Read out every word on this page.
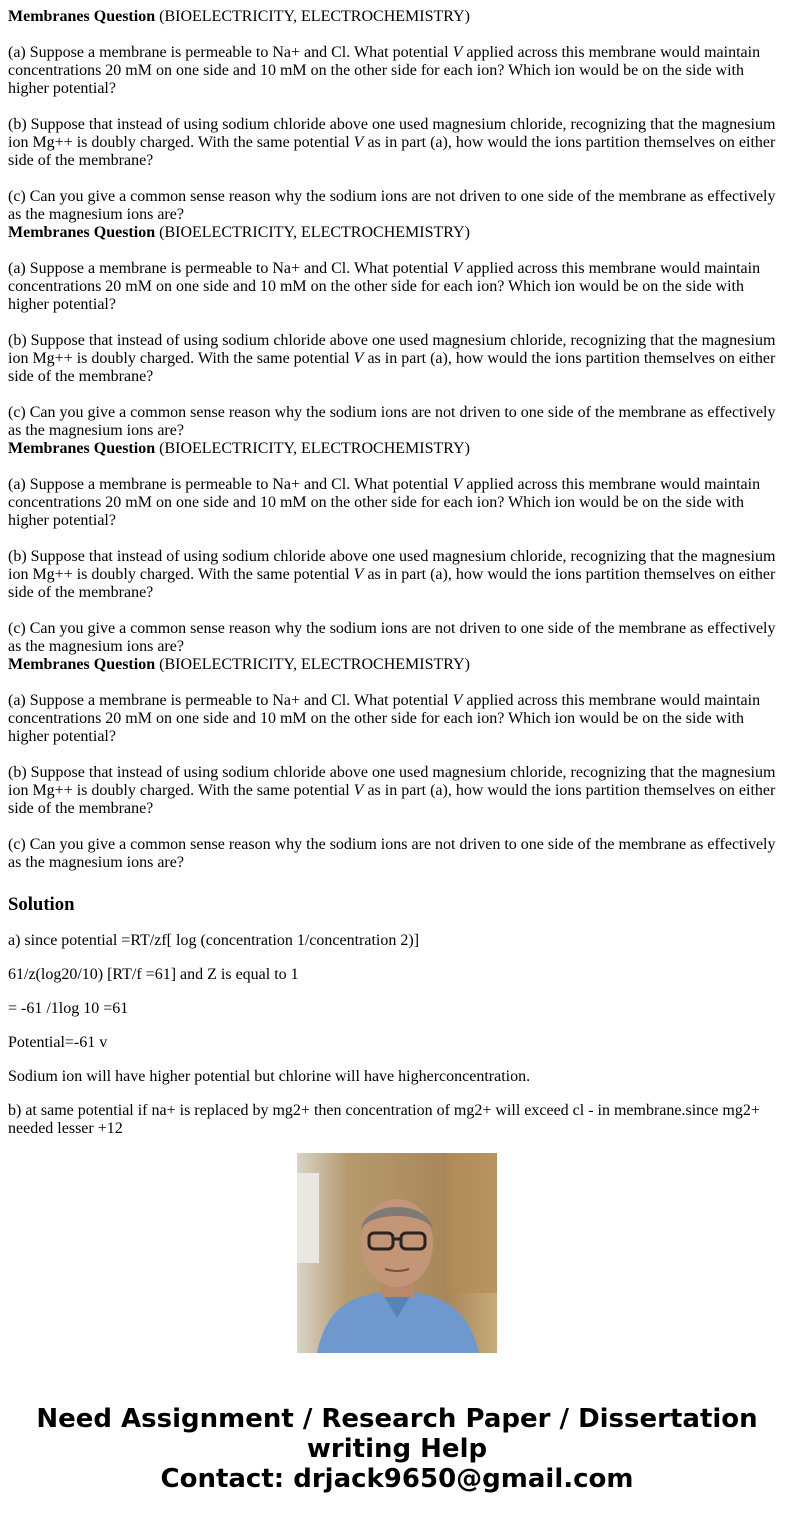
Membranes Question (BIOELECTRICITY, ELECTROCHEMISTRY)

(a) Suppose a membrane is permeable to Na+ and Cl. What potential V applied across this membrane would maintain concentrations 20 mM on one side and 10 mM on the other side for each ion? Which ion would be on the side with higher potential?

(b) Suppose that instead of using sodium chloride above one used magnesium chloride, recognizing that the magnesium ion Mg++ is doubly charged. With the same potential V as in part (a), how would the ions partition themselves on either side of the membrane?

(c) Can you give a common sense reason why the sodium ions are not driven to one side of the membrane as effectively as the magnesium ions are?

Membranes Question (BIOELECTRICITY, ELECTROCHEMISTRY)

(a) Suppose a membrane is permeable to Na+ and Cl. What potential V applied across this membrane would maintain concentrations 20 mM on one side and 10 mM on the other side for each ion? Which ion would be on the side with higher potential?

(b) Suppose that instead of using sodium chloride above one used magnesium chloride, recognizing that the magnesium ion Mg++ is doubly charged. With the same potential V as in part (a), how would the ions partition themselves on either side of the membrane?

(c) Can you give a common sense reason why the sodium ions are not driven to one side of the membrane as effectively as the magnesium ions are?

Membranes Question (BIOELECTRICITY, ELECTROCHEMISTRY)

(a) Suppose a membrane is permeable to Na+ and Cl. What potential V applied across this membrane would maintain concentrations 20 mM on one side and 10 mM on the other side for each ion? Which ion would be on the side with higher potential?

(b) Suppose that instead of using sodium chloride above one used magnesium chloride, recognizing that the magnesium ion Mg++ is doubly charged. With the same potential V as in part (a), how would the ions partition themselves on either side of the membrane?

(c) Can you give a common sense reason why the sodium ions are not driven to one side of the membrane as effectively as the magnesium ions are?

Membranes Question (BIOELECTRICITY, ELECTROCHEMISTRY)

(a) Suppose a membrane is permeable to Na+ and Cl. What potential V applied across this membrane would maintain concentrations 20 mM on one side and 10 mM on the other side for each ion? Which ion would be on the side with higher potential?

(b) Suppose that instead of using sodium chloride above one used magnesium chloride, recognizing that the magnesium ion Mg++ is doubly charged. With the same potential V as in part (a), how would the ions partition themselves on either side of the membrane?

(c) Can you give a common sense reason why the sodium ions are not driven to one side of the membrane as effectively as the magnesium ions are?

Solution

a) since potential =RT/zf[ log (concentration 1/concentration 2)]

61/z(log20/10) [RT/f =61] and Z is equal to 1

= -61 /1log 10 =61

Potential=-61 v

Sodium ion will have higher potential but chlorine will have higherconcentration.

b) at same potential if na+ is replaced by mg2+ then concentration of mg2+ will exceed cl - in membrane.since mg2+ needed lesser +12

Need Assignment / Research Paper / Dissertation
writing Help
Contact: drjack9650@gmail.com
